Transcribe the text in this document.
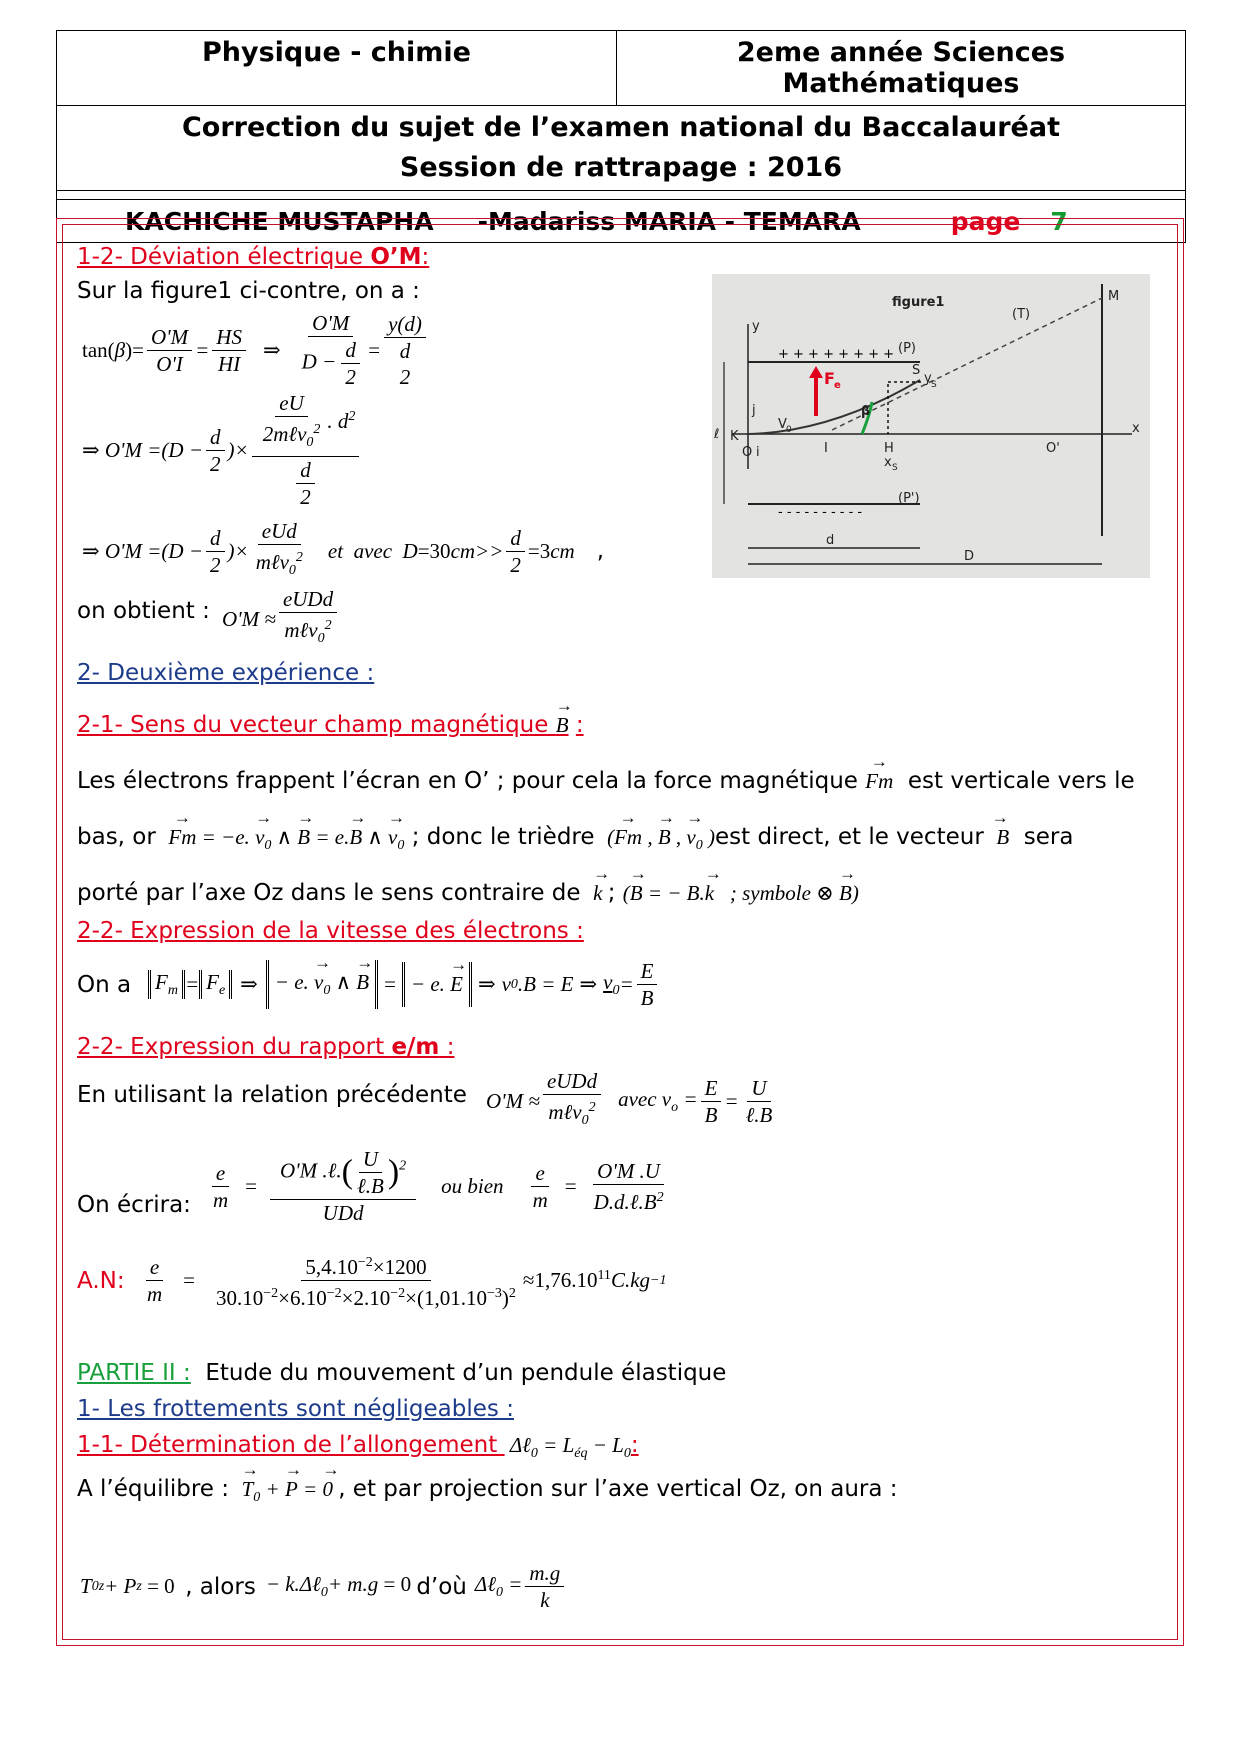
Physique - chimie	2eme année Sciences Mathématiques
Correction du sujet de l’examen national du Baccalauréat
Session de rattrapage : 2016
KACHICHE MUSTAPHA -Madariss MARIA - TEMARA	page 7
1-2- Déviation électrique O’M:
Sur la figure1 ci-contre, on a :
tan( β )= $\frac{O'M}{O'I} = \frac{HS}{HI}$ ⇒ $\frac{O'M}{D - \frac{d}{2}}$ =
y(d)
d
2
⇒ $O'M =(D - \frac{d}{2}$ )× $\frac{\frac{eU}{2m\ell v_0^2} . d^2}{\frac{d}{2}}$
⇒ $O'M =(D - \frac{d}{2}$ )× $\frac{\text{eUd}}{m\ell v_0^2}$ et  avec  D =30 $cm>> \frac{d}{2} =3$ cm ,
on obtient : $O'M \approx \frac{\text{eUDd}}{m\ell v_0^2}$
2- Deuxième expérience :
2-1- Sens du vecteur champ magnétique → B :
Les électrons frappent l’écran en O’ ; pour cela la force magnétique → Fm est verticale vers le
bas, or → Fm = −e. → $v_0$ ∧ → B = e.→ B ∧ → $v_0$ ; donc le trièdre  (→ Fm , → B , → $v_0$ )est direct, et le vecteur →  B sera
porté par l’axe Oz dans le sens contraire de → k ; (→ B = − B.→ k   ; symbole ⊗ → B)
2-2- Expression de la vitesse des électrons :
On a	$F_m = F_e$ ⇒ − e. → $v_0$ ∧ → B = − e. → E ⇒ v 0 .B = E ⇒ $v_0 = \frac{E}{B}$
2-2- Expression du rapport e/m :
En utilisant la relation précédente $O'M \approx \frac{\text{eUDd}}{m\ell v_0^2}$ avec $v_o = \frac{E}{B} = \frac{U}{\text{ℓ.B}}$
On écrira: $\frac{e}{m} = \frac{O'M .\ell.( \frac{U}{\text{ℓ.B}} )^2}{\text{UDd}}$ ou bien $\frac{e}{m} = \frac{O'M .U}{D.d.\ell.B^2}$
A.N: $\frac{e}{m} = \frac{5,4.10^{-2}\times 1200}{30.10^{-2}\times 6.10^{-2}\times 2.10^{-2}\times(1,01.10^{-3})^2} \approx 1,76.10^{11}$ C.kg −1
PARTIE II : Etude du mouvement d’un pendule élastique
1- Les frottements sont négligeables :
1-1- Détermination de l’allongement  Δℓ$_0$ = $L_{éq} - L_0$:
A l’équilibre : → $T_0$ + → P = → 0 , et par projection sur l’axe vertical Oz, on aura :
T 0z + P z = 0 , alors − k.Δℓ$_0$+ m.g = 0 d’où Δℓ$_0$ = $\frac{m.g}{k}$
+ + + + + + + +
- - - - - - - - - -
figure1
y
x
M
(T)
(P)
(P')
S
y S
F e
V 0
β
H
x S
I
O i
j
K
O'
ℓ
d
D
